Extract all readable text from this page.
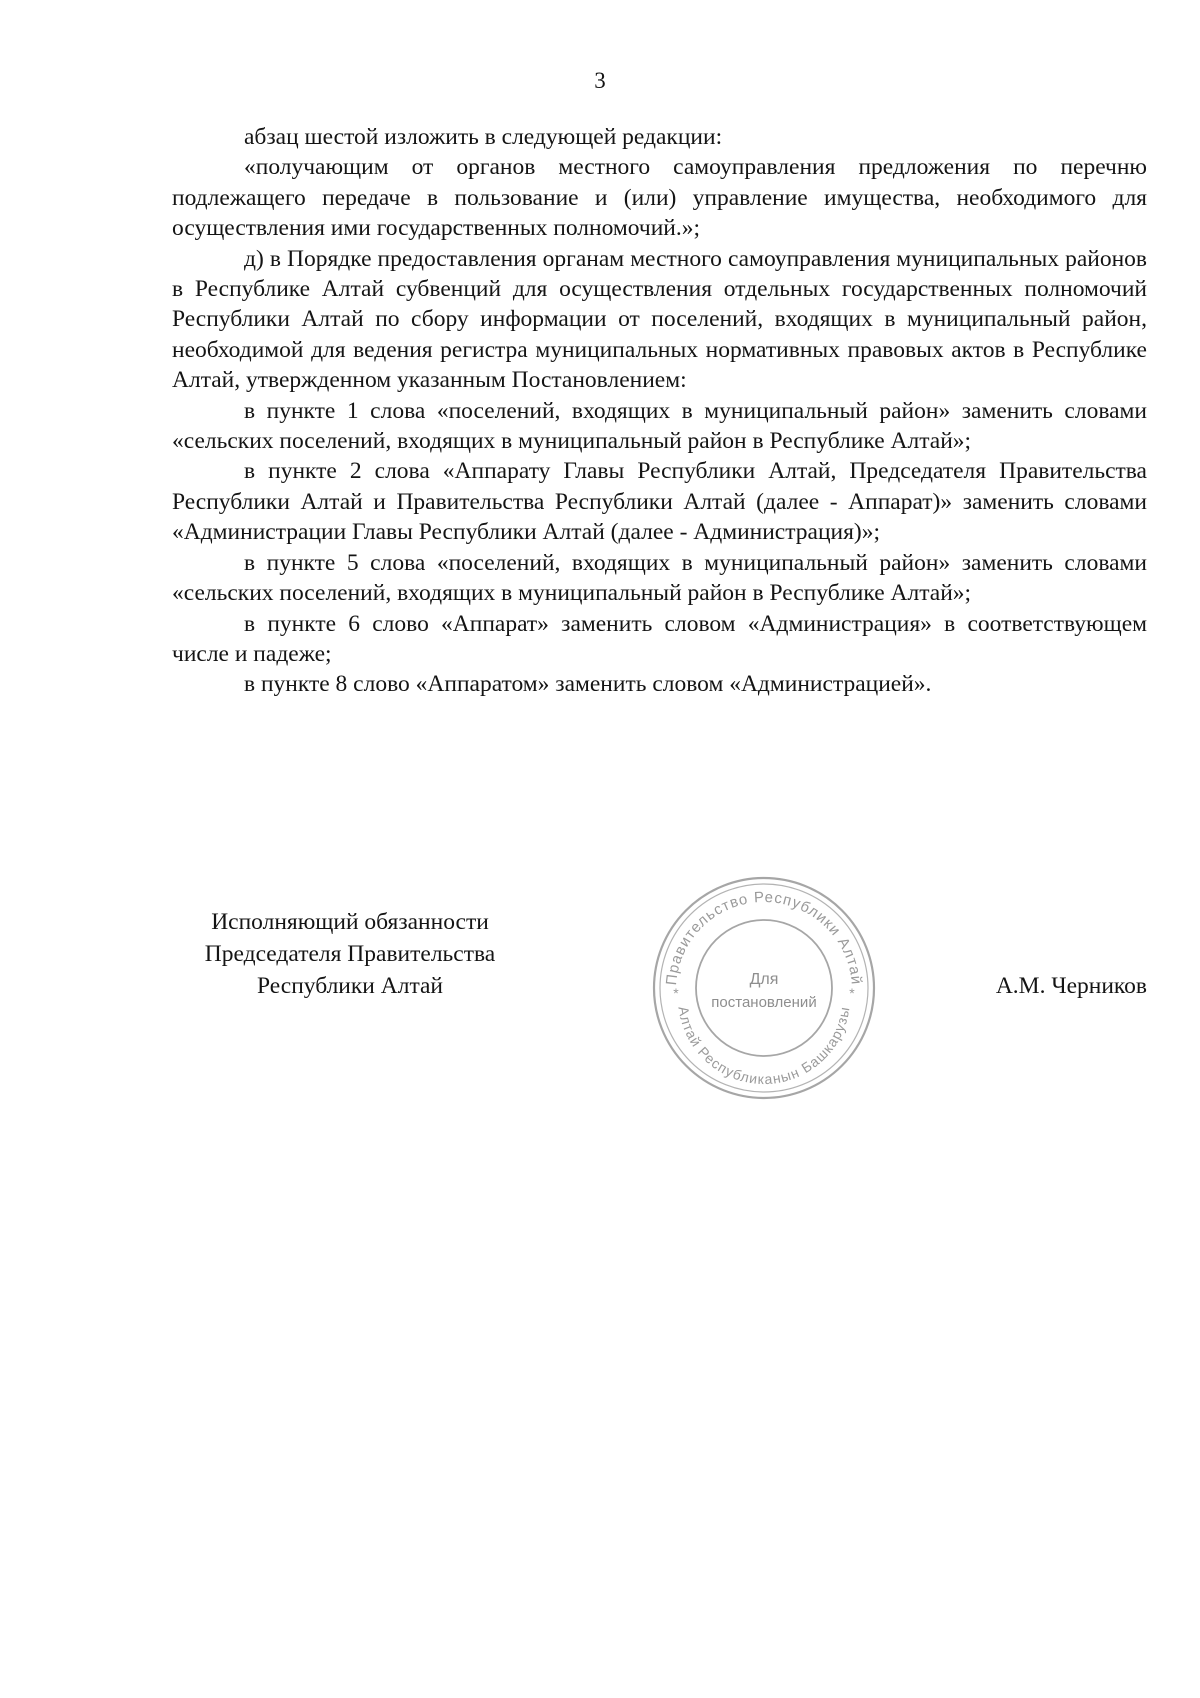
3

абзац шестой изложить в следующей редакции:

«получающим от органов местного самоуправления предложения по перечню подлежащего передаче в пользование и (или) управление имущества, необходимого для осуществления ими государственных полномочий.»;

д) в Порядке предоставления органам местного самоуправления муниципальных районов в Республике Алтай субвенций для осуществления отдельных государственных полномочий Республики Алтай по сбору информации от поселений, входящих в муниципальный район, необходимой для ведения регистра муниципальных нормативных правовых актов в Республике Алтай, утвержденном указанным Постановлением:

в пункте 1 слова «поселений, входящих в муниципальный район» заменить словами «сельских поселений, входящих в муниципальный район в Республике Алтай»;

в пункте 2 слова «Аппарату Главы Республики Алтай, Председателя Правительства Республики Алтай и Правительства Республики Алтай (далее - Аппарат)» заменить словами «Администрации Главы Республики Алтай (далее - Администрация)»;

в пункте 5 слова «поселений, входящих в муниципальный район» заменить словами «сельских поселений, входящих в муниципальный район в Республике Алтай»;

в пункте 6 слово «Аппарат» заменить словом «Администрация» в соответствующем числе и падеже;

в пункте 8 слово «Аппаратом» заменить словом «Администрацией».

Исполняющий обязанности
Председателя Правительства
Республики Алтай	Правительство Республики Алтай
Алтай Республиканын Башкарузы
*	*
Для
постановлений
А.М. Черников
